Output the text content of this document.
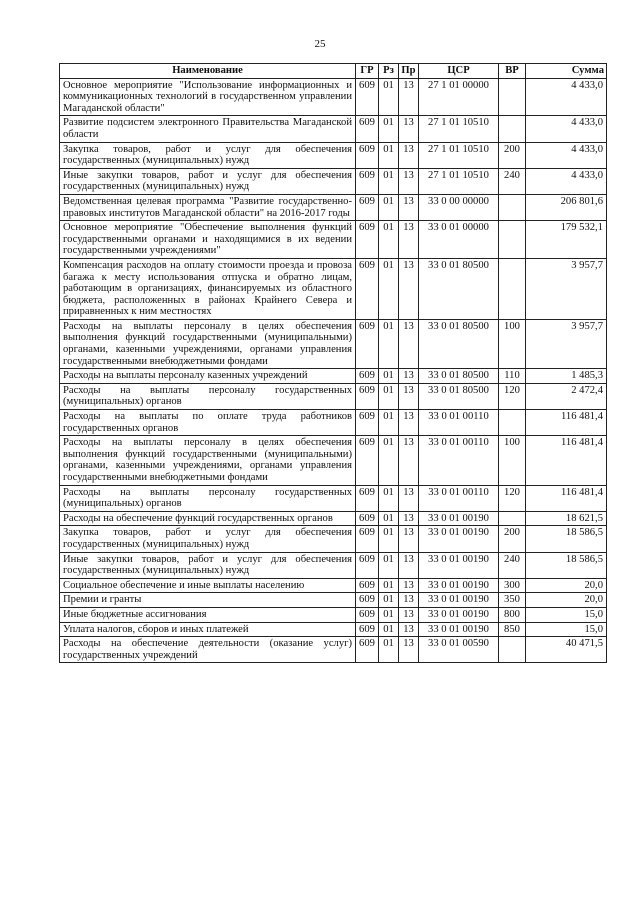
25
Наименование	ГР	Рз	Пр	ЦСР	ВР	Сумма
Основное мероприятие "Использование информационных и коммуникационных технологий в государственном управлении Магаданской области"	609	01	13	27 1 01 00000		4 433,0
Развитие подсистем электронного Правительства Магаданской области	609	01	13	27 1 01 10510		4 433,0
Закупка товаров, работ и услуг для обеспечения государственных (муниципальных) нужд	609	01	13	27 1 01 10510	200	4 433,0
Иные закупки товаров, работ и услуг для обеспечения государственных (муниципальных) нужд	609	01	13	27 1 01 10510	240	4 433,0
Ведомственная целевая программа "Развитие государственно-правовых институтов Магаданской области" на 2016-2017 годы	609	01	13	33 0 00 00000		206 801,6
Основное мероприятие "Обеспечение выполнения функций государственными органами и находящимися в их ведении государственными учреждениями"	609	01	13	33 0 01 00000		179 532,1
Компенсация расходов на оплату стоимости проезда и провоза багажа к месту использования отпуска и обратно лицам, работающим в организациях, финансируемых из областного бюджета, расположенных в районах Крайнего Севера и приравненных к ним местностях	609	01	13	33 0 01 80500		3 957,7
Расходы на выплаты персоналу в целях обеспечения выполнения функций государственными (муниципальными) органами, казенными учреждениями, органами управления государственными внебюджетными фондами	609	01	13	33 0 01 80500	100	3 957,7
Расходы на выплаты персоналу казенных учреждений	609	01	13	33 0 01 80500	110	1 485,3
Расходы на выплаты персоналу государственных (муниципальных) органов	609	01	13	33 0 01 80500	120	2 472,4
Расходы на выплаты по оплате труда работников государственных органов	609	01	13	33 0 01 00110		116 481,4
Расходы на выплаты персоналу в целях обеспечения выполнения функций государственными (муниципальными) органами, казенными учреждениями, органами управления государственными внебюджетными фондами	609	01	13	33 0 01 00110	100	116 481,4
Расходы на выплаты персоналу государственных (муниципальных) органов	609	01	13	33 0 01 00110	120	116 481,4
Расходы на обеспечение функций государственных органов	609	01	13	33 0 01 00190		18 621,5
Закупка товаров, работ и услуг для обеспечения государственных (муниципальных) нужд	609	01	13	33 0 01 00190	200	18 586,5
Иные закупки товаров, работ и услуг для обеспечения государственных (муниципальных) нужд	609	01	13	33 0 01 00190	240	18 586,5
Социальное обеспечение и иные выплаты населению	609	01	13	33 0 01 00190	300	20,0
Премии и гранты	609	01	13	33 0 01 00190	350	20,0
Иные бюджетные ассигнования	609	01	13	33 0 01 00190	800	15,0
Уплата налогов, сборов и иных платежей	609	01	13	33 0 01 00190	850	15,0
Расходы на обеспечение деятельности (оказание услуг) государственных учреждений	609	01	13	33 0 01 00590		40 471,5
